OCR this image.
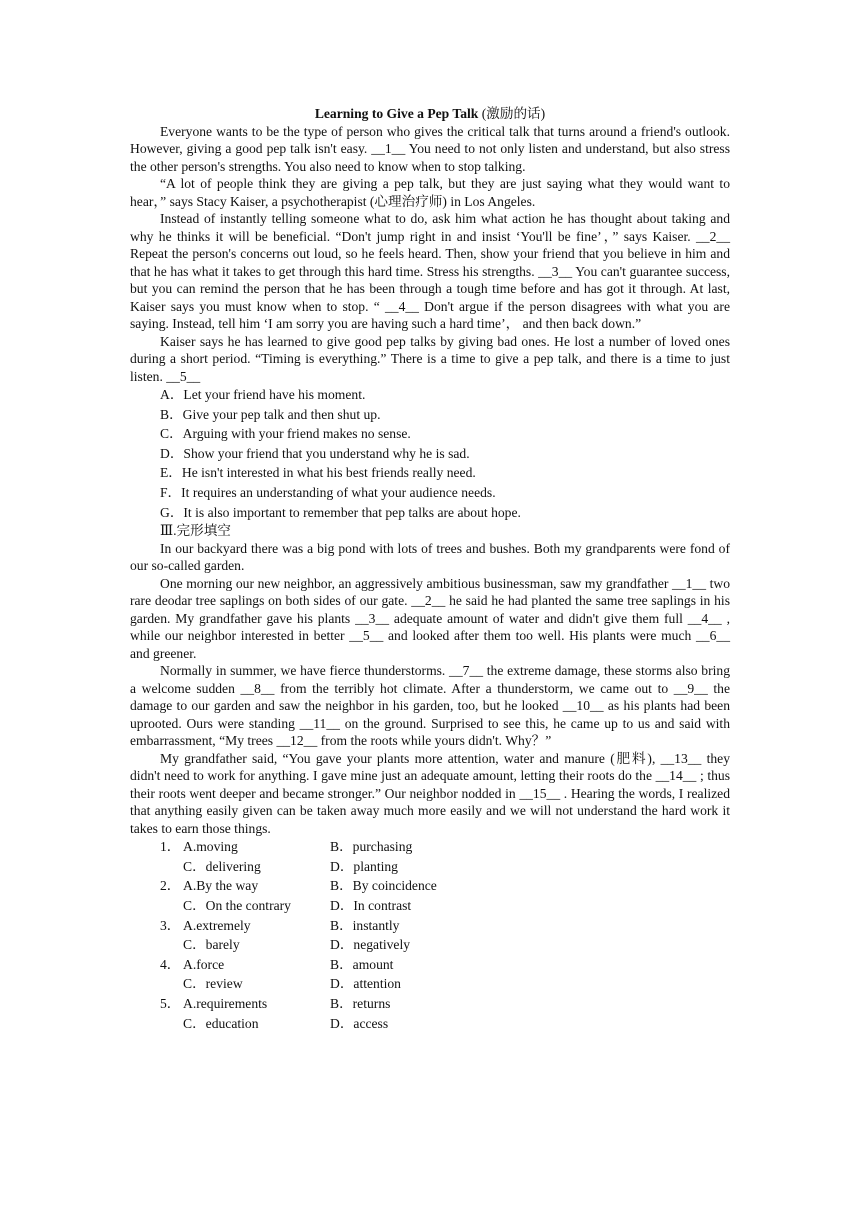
Learning to Give a Pep Talk (激励的话)

Everyone wants to be the type of person who gives the critical talk that turns around a friend's outlook. However, giving a good pep talk isn't easy. __1__ You need to not only listen and understand, but also stress the other person's strengths. You also need to know when to stop talking.

“A lot of people think they are giving a pep talk, but they are just saying what they would want to hear，” says Stacy Kaiser, a psychotherapist (心理治疗师) in Los Angeles.

Instead of instantly telling someone what to do, ask him what action he has thought about taking and why he thinks it will be beneficial. “Don't jump right in and insist ‘You'll be fine’，” says Kaiser. __2__ Repeat the person's concerns out loud, so he feels heard. Then, show your friend that you believe in him and that he has what it takes to get through this hard time. Stress his strengths. __3__ You can't guarantee success, but you can remind the person that he has been through a tough time before and has got it through. At last, Kaiser says you must know when to stop. “ __4__ Don't argue if the person disagrees with what you are saying. Instead, tell him ‘I am sorry you are having such a hard time’， and then back down.”

Kaiser says he has learned to give good pep talks by giving bad ones. He lost a number of loved ones during a short period. “Timing is everything.” There is a time to give a pep talk, and there is a time to just listen. __5__

A．Let your friend have his moment.

B．Give your pep talk and then shut up.

C．Arguing with your friend makes no sense.

D．Show your friend that you understand why he is sad.

E．He isn't interested in what his best friends really need.

F．It requires an understanding of what your audience needs.

G．It is also important to remember that pep talks are about hope.

Ⅲ.完形填空

In our backyard there was a big pond with lots of trees and bushes. Both my grandparents were fond of our so-called garden.

One morning our new neighbor, an aggressively ambitious businessman, saw my grandfather __1__ two rare deodar tree saplings on both sides of our gate. __2__ he said he had planted the same tree saplings in his garden. My grandfather gave his plants __3__ adequate amount of water and didn't give them full __4__ , while our neighbor interested in better __5__ and looked after them too well. His plants were much __6__ and greener.

Normally in summer, we have fierce thunderstorms. __7__ the extreme damage, these storms also bring a welcome sudden __8__ from the terribly hot climate. After a thunderstorm, we came out to __9__ the damage to our garden and saw the neighbor in his garden, too, but he looked __10__ as his plants had been uprooted. Ours were standing __11__ on the ground. Surprised to see this, he came up to us and said with embarrassment, “My trees __12__ from the roots while yours didn't. Why？”

My grandfather said, “You gave your plants more attention, water and manure (肥料), __13__ they didn't need to work for anything. I gave mine just an adequate amount, letting their roots do the __14__ ; thus their roots went deeper and became stronger.” Our neighbor nodded in __15__ . Hearing the words, I realized that anything easily given can be taken away much more easily and we will not understand the hard work it takes to earn those things.

1． A.moving	B．purchasing
C．delivering	D．planting
2． A.By the way	B．By coincidence
C．On the contrary	D．In contrast
3． A.extremely	B．instantly
C．barely	D．negatively
4． A.force	B．amount
C．review	D．attention
5． A.requirements	B．returns
C．education	D．access
